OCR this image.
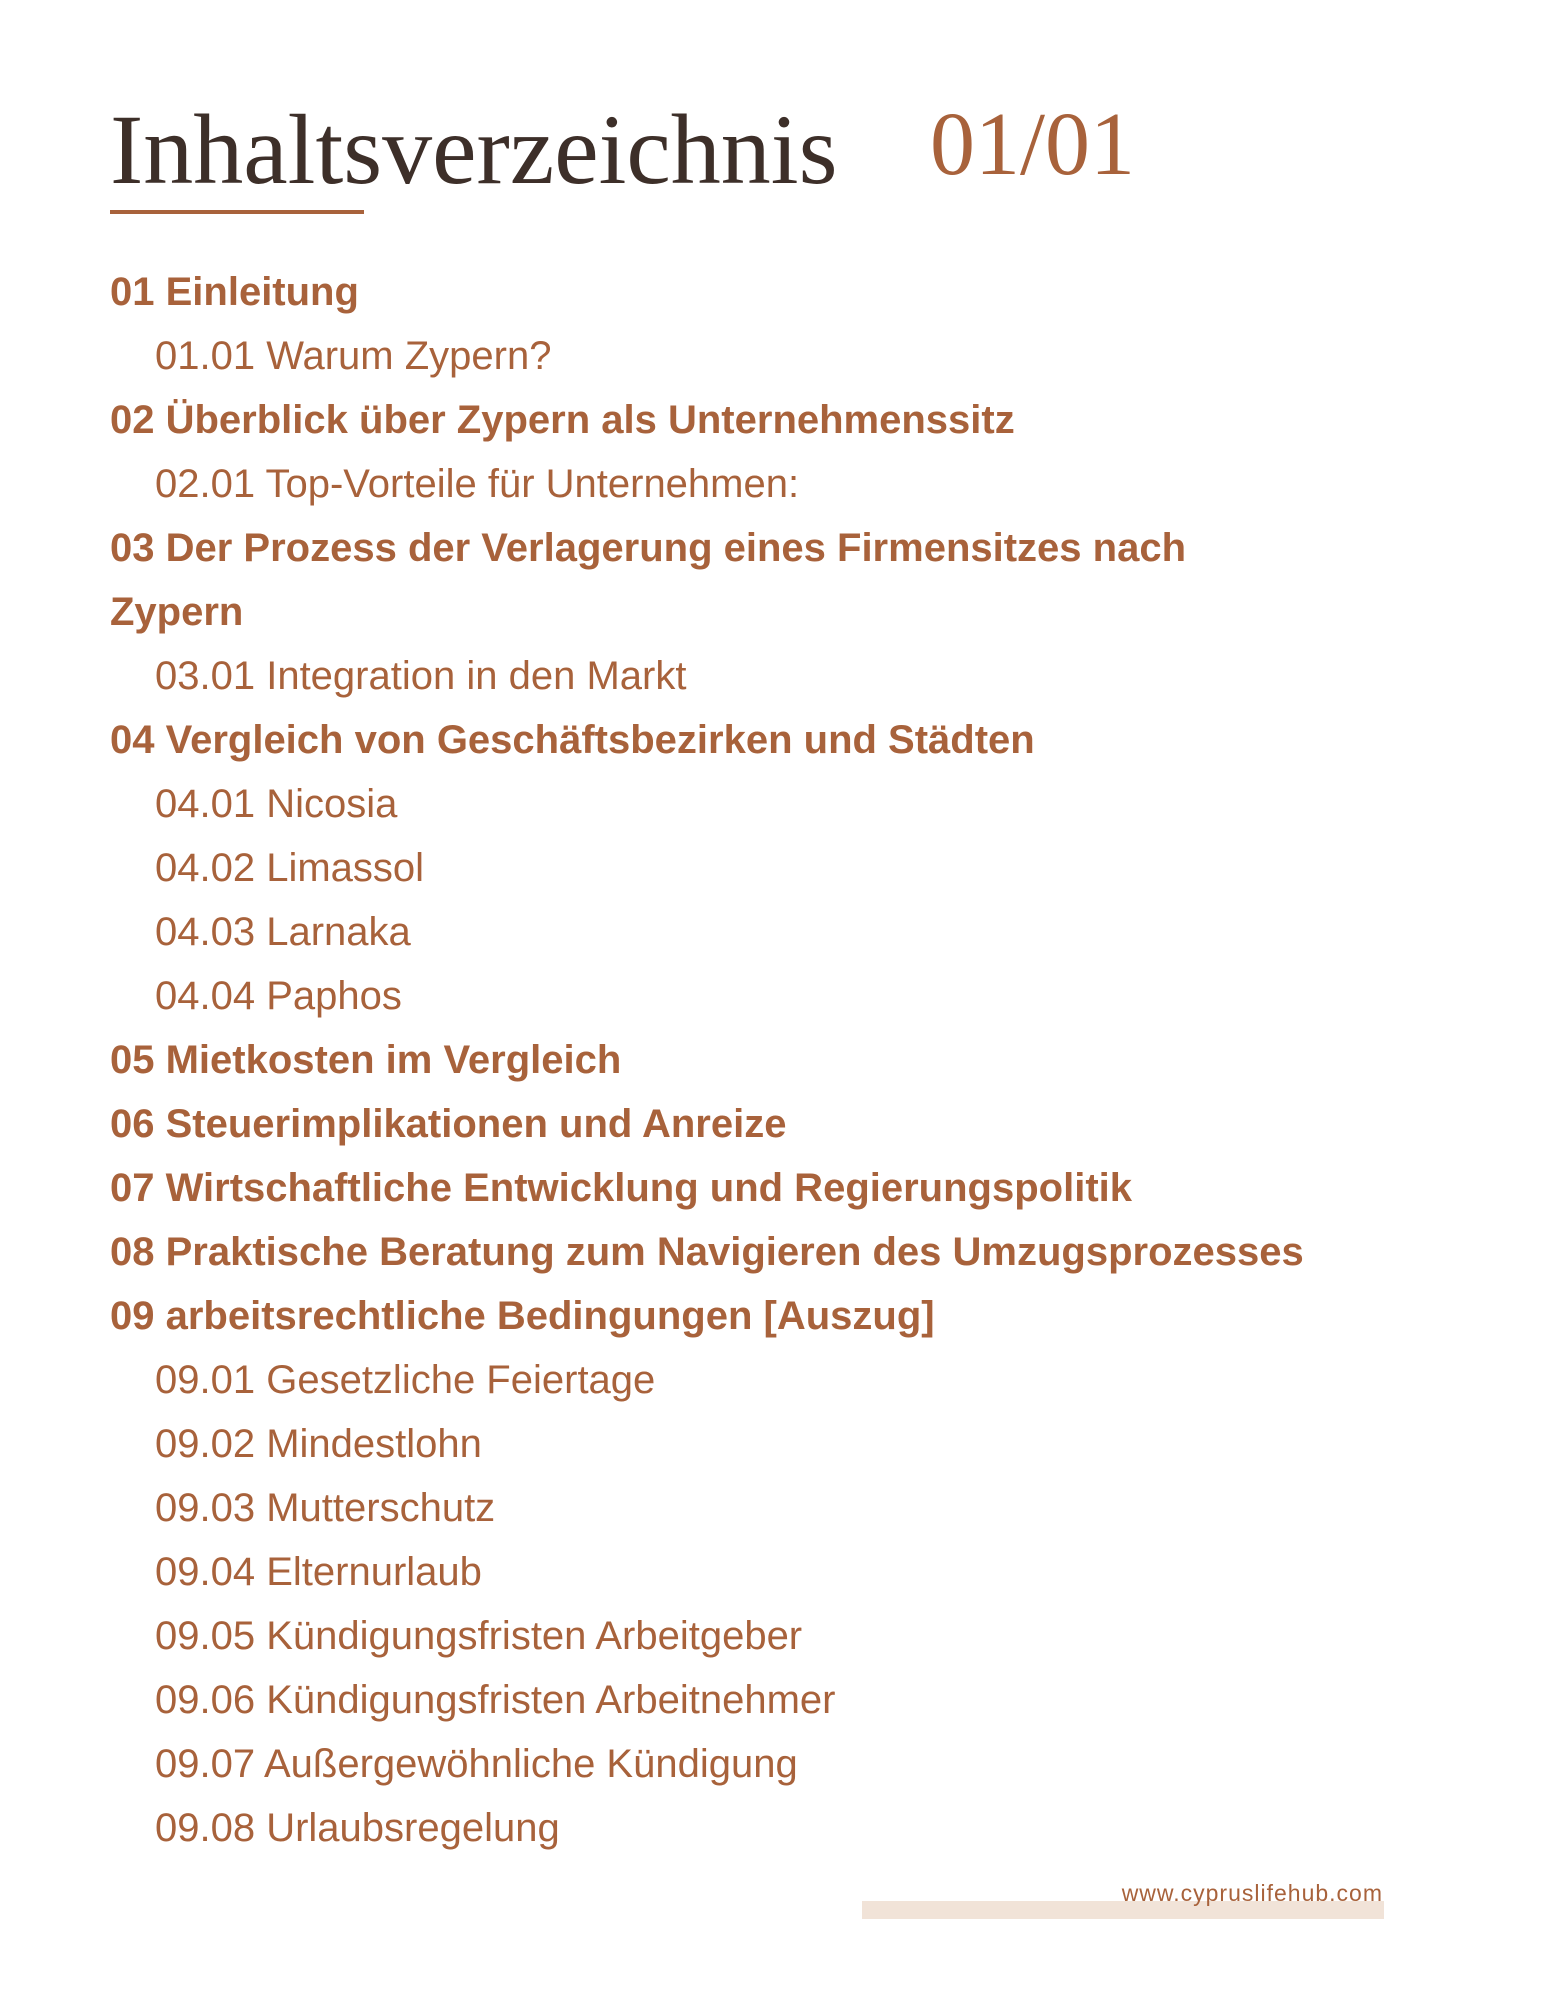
Inhaltsverzeichnis 01/01
01 Einleitung
01.01 Warum Zypern?
02 Überblick über Zypern als Unternehmenssitz
02.01 Top-Vorteile für Unternehmen:
03 Der Prozess der Verlagerung eines Firmensitzes nach
Zypern
03.01 Integration in den Markt
04 Vergleich von Geschäftsbezirken und Städten
04.01 Nicosia
04.02 Limassol
04.03 Larnaka
04.04 Paphos
05 Mietkosten im Vergleich
06 Steuerimplikationen und Anreize
07 Wirtschaftliche Entwicklung und Regierungspolitik
08 Praktische Beratung zum Navigieren des Umzugsprozesses
09 arbeitsrechtliche Bedingungen [Auszug]
09.01 Gesetzliche Feiertage
09.02 Mindestlohn
09.03 Mutterschutz
09.04 Elternurlaub
09.05 Kündigungsfristen Arbeitgeber
09.06 Kündigungsfristen Arbeitnehmer
09.07 Außergewöhnliche Kündigung
09.08 Urlaubsregelung
www.cypruslifehub.com
